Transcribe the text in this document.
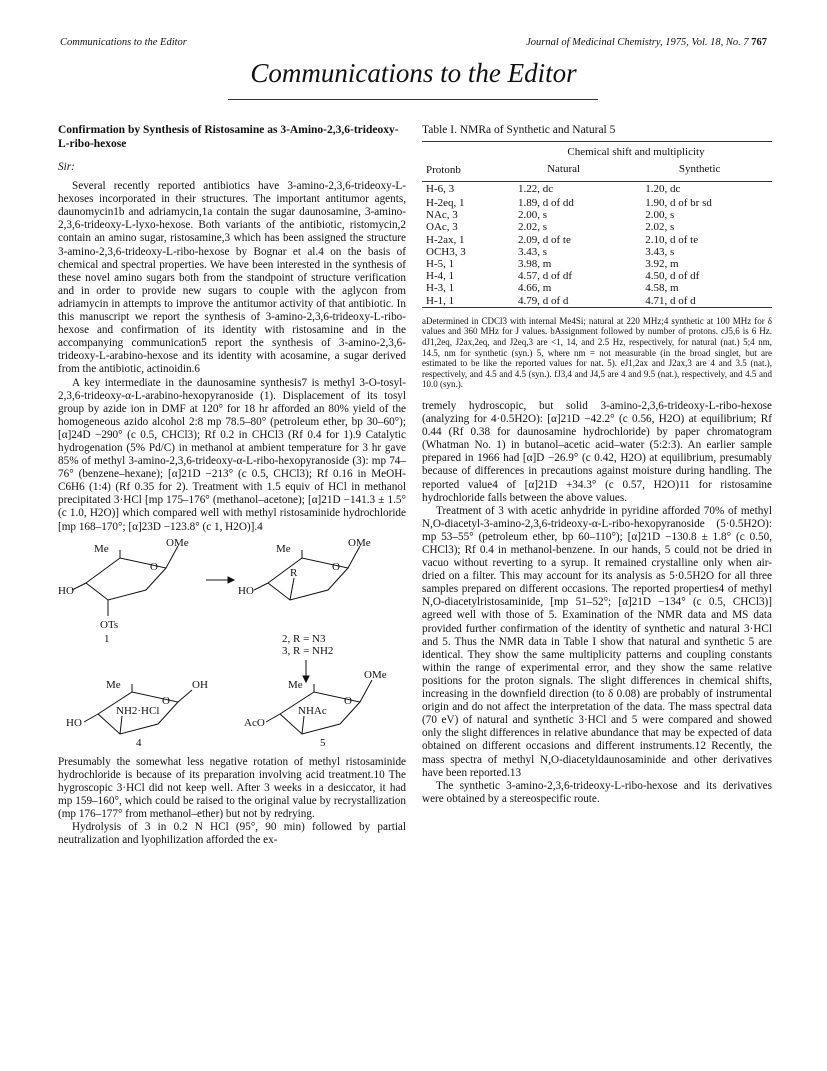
Communications to the Editor	Journal of Medicinal Chemistry, 1975, Vol. 18, No. 7 767
Communications to the Editor

Confirmation by Synthesis of Ristosamine as 3-Amino-2,3,6-trideoxy-L-ribo-hexose

Sir:

Several recently reported antibiotics have 3-amino-2,3,6-trideoxy-L-hexoses incorporated in their structures. The important antitumor agents, daunomycin1b and adriamycin,1a contain the sugar daunosamine, 3-amino-2,3,6-trideoxy-L-lyxo-hexose. Both variants of the antibiotic, ristomycin,2 contain an amino sugar, ristosamine,3 which has been assigned the structure 3-amino-2,3,6-trideoxy-L-ribo-hexose by Bognar et al.4 on the basis of chemical and spectral properties. We have been interested in the synthesis of these novel amino sugars both from the standpoint of structure verification and in order to provide new sugars to couple with the aglycon from adriamycin in attempts to improve the antitumor activity of that antibiotic. In this manuscript we report the synthesis of 3-amino-2,3,6-trideoxy-L-ribo-hexose and confirmation of its identity with ristosamine and in the accompanying communication5 report the synthesis of 3-amino-2,3,6-trideoxy-L-arabino-hexose and its identity with acosamine, a sugar derived from the antibiotic, actinoidin.6

A key intermediate in the daunosamine synthesis7 is methyl 3-O-tosyl-2,3,6-trideoxy-α-L-arabino-hexopyranoside (1). Displacement of its tosyl group by azide ion in DMF at 120° for 18 hr afforded an 80% yield of the homogeneous azido alcohol 2:8 mp 78.5–80° (petroleum ether, bp 30–60°); [α]24D −290° (c 0.5, CHCl3); Rf 0.2 in CHCl3 (Rf 0.4 for 1).9 Catalytic hydrogenation (5% Pd/C) in methanol at ambient temperature for 3 hr gave 85% of methyl 3-amino-2,3,6-trideoxy-α-L-ribo-hexopyranoside (3): mp 74–76° (benzene–hexane); [α]21D −213° (c 0.5, CHCl3); Rf 0.16 in MeOH-C6H6 (1:4) (Rf 0.35 for 2). Treatment with 1.5 equiv of HCl in methanol precipitated 3·HCl [mp 175–176° (methanol–acetone); [α]21D −141.3 ± 1.5° (c 1.0, H2O)] which compared well with methyl ristosaminide hydrochloride [mp 168–170°; [α]23D −123.8° (c 1, H2O)].4

Me
O
OMe
HO
OTs
1
Me
O
OMe
HO
R
2, R = N3
3, R = NH2
Me
O
OH
HO
NH2·HCl
4
Me
O
OMe
AcO
NHAc
5

Presumably the somewhat less negative rotation of methyl ristosaminide hydrochloride is because of its preparation involving acid treatment.10 The hygroscopic 3·HCl did not keep well. After 3 weeks in a desiccator, it had mp 159–160°, which could be raised to the original value by recrystallization (mp 176–177° from methanol–ether) but not by redrying.

Hydrolysis of 3 in 0.2 N HCl (95°, 90 min) followed by partial neutralization and lyophilization afforded the ex-

Table I. NMRa of Synthetic and Natural 5

	Chemical shift and multiplicity	
Protonb	Natural	Synthetic
H-6, 3	1.22, dc	1.20, dc
H-2eq, 1	1.89, d of dd	1.90, d of br sd
NAc, 3	2.00, s	2.00, s
OAc, 3	2.02, s	2.02, s
H-2ax, 1	2.09, d of te	2.10, d of te
OCH3, 3	3.43, s	3.43, s
H-5, 1	3.98, m	3.92, m
H-4, 1	4.57, d of df	4.50, d of df
H-3, 1	4.66, m	4.58, m
H-1, 1	4.79, d of d	4.71, d of d

aDetermined in CDCl3 with internal Me4Si; natural at 220 MHz;4 synthetic at 100 MHz for δ values and 360 MHz for J values. bAssignment followed by number of protons. cJ5,6 is 6 Hz. dJ1,2eq, J2ax,2eq, and J2eq,3 are <1, 14, and 2.5 Hz, respectively, for natural (nat.) 5;4 nm, 14.5, nm for synthetic (syn.) 5, where nm = not measurable (in the broad singlet, but are estimated to be like the reported values for nat. 5). eJ1,2ax and J2ax,3 are 4 and 3.5 (nat.), respectively, and 4.5 and 4.5 (syn.). fJ3,4 and J4,5 are 4 and 9.5 (nat.), respectively, and 4.5 and 10.0 (syn.).

tremely hydroscopic, but solid 3-amino-2,3,6-trideoxy-L-ribo-hexose (analyzing for 4·0.5H2O): [α]21D −42.2° (c 0.56, H2O) at equilibrium; Rf 0.44 (Rf 0.38 for daunosamine hydrochloride) by paper chromatogram (Whatman No. 1) in butanol–acetic acid–water (5:2:3). An earlier sample prepared in 1966 had [α]D −26.9° (c 0.42, H2O) at equilibrium, presumably because of differences in precautions against moisture during handling. The reported value4 of [α]21D +34.3° (c 0.57, H2O)11 for ristosamine hydrochloride falls between the above values.

Treatment of 3 with acetic anhydride in pyridine afforded 70% of methyl N,O-diacetyl-3-amino-2,3,6-trideoxy-α-L-ribo-hexopyranoside (5·0.5H2O): mp 53–55° (petroleum ether, bp 60–110°); [α]21D −130.8 ± 1.8° (c 0.50, CHCl3); Rf 0.4 in methanol-benzene. In our hands, 5 could not be dried in vacuo without reverting to a syrup. It remained crystalline only when air-dried on a filter. This may account for its analysis as 5·0.5H2O for all three samples prepared on different occasions. The reported properties4 of methyl N,O-diacetylristosaminide, [mp 51–52°; [α]21D −134° (c 0.5, CHCl3)] agreed well with those of 5. Examination of the NMR data and MS data provided further confirmation of the identity of synthetic and natural 3·HCl and 5. Thus the NMR data in Table I show that natural and synthetic 5 are identical. They show the same multiplicity patterns and coupling constants within the range of experimental error, and they show the same relative positions for the proton signals. The slight differences in chemical shifts, increasing in the downfield direction (to δ 0.08) are probably of instrumental origin and do not affect the interpretation of the data. The mass spectral data (70 eV) of natural and synthetic 3·HCl and 5 were compared and showed only the slight differences in relative abundance that may be expected of data obtained on different occasions and different instruments.12 Recently, the mass spectra of methyl N,O-diacetyldaunosaminide and other derivatives have been reported.13

The synthetic 3-amino-2,3,6-trideoxy-L-ribo-hexose and its derivatives were obtained by a stereospecific route.
